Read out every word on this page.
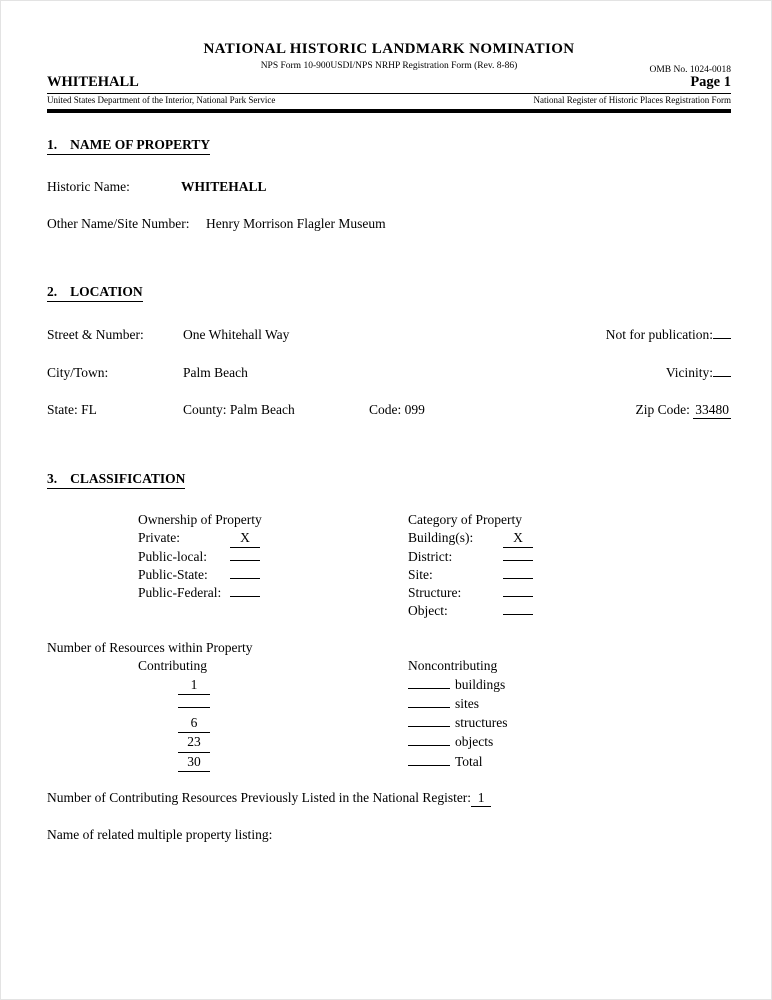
NATIONAL HISTORIC LANDMARK NOMINATION
NPS Form 10-900USDI/NPS NRHP Registration Form (Rev. 8-86)	OMB No. 1024-0018
WHITEHALL	Page 1
United States Department of the Interior, National Park Service	National Register of Historic Places Registration Form
1. NAME OF PROPERTY
Historic Name:	WHITEHALL
Other Name/Site Number:	Henry Morrison Flagler Museum
2. LOCATION
Street & Number:	One Whitehall Way	Not for publication:
City/Town:	Palm Beach	Vicinity:
State: FL	County: Palm Beach	Code: 099	Zip Code: 33480
3. CLASSIFICATION
Ownership of Property
Private:	X
Public-local:
Public-State:
Public-Federal:
Category of Property
Building(s):	X
District:
Site:
Structure:
Object:
Number of Resources within Property
Contributing	Noncontributing
1	buildings
sites
6	structures
23	objects
30	Total
Number of Contributing Resources Previously Listed in the National Register: 1
Name of related multiple property listing:
